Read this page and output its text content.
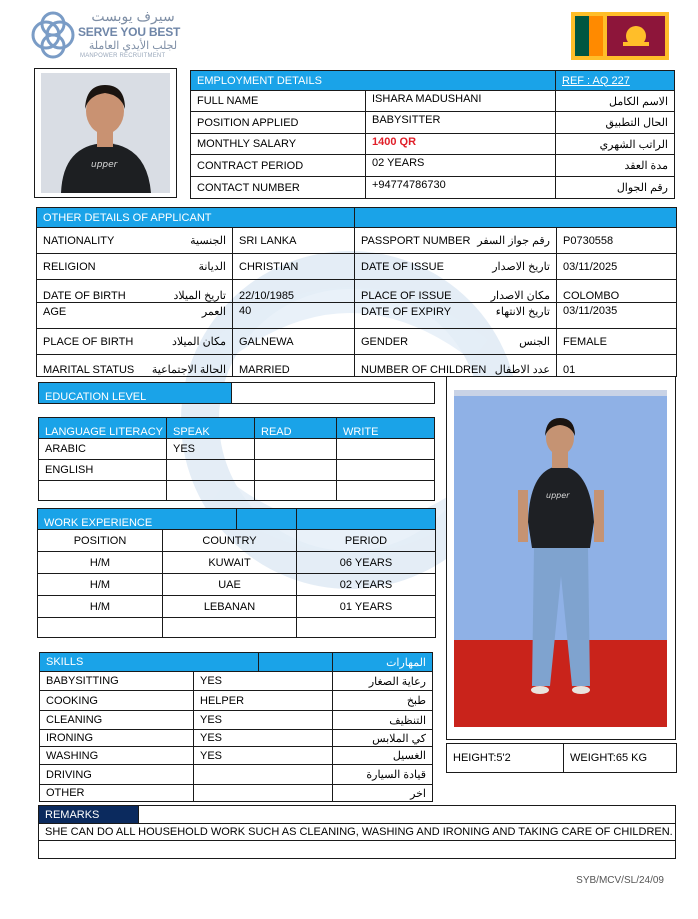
سيرف يوبست
SERVE YOU BEST
لجلب الأيدي العاملة
MANPOWER RECRUITMENT
upper
EMPLOYMENT DETAILS		REF : AQ 227
FULL NAME	ISHARA MADUSHANI	الاسم الكامل
POSITION APPLIED	BABYSITTER	الحال التطبيق
MONTHLY SALARY	1400 QR	الراتب الشهري
CONTRACT PERIOD	02 YEARS	مدة العقد
CONTACT NUMBER	+94774786730	رقم الجوال
OTHER DETAILS OF APPLICANT			

NATIONALITY الجنسية	SRI LANKA	PASSPORT NUMBER رقم جواز السفر	P0730558

RELIGION الديانة	CHRISTIAN	DATE OF ISSUE تاريخ الاصدار	03/11/2025

DATE OF BIRTH تاريخ الميلاد	22/10/1985	PLACE OF ISSUE مكان الاصدار	COLOMBO

AGE العمر	40	DATE OF EXPIRY تاريخ الانتهاء	03/11/2035

PLACE OF BIRTH مكان الميلاد	GALNEWA	GENDER الجنس	FEMALE

MARITAL STATUS الحالة الاجتماعية	MARRIED	NUMBER OF CHILDREN عدد الاطفال	01
EDUCATION LEVEL	
LANGUAGE LITERACY	SPEAK	READ	WRITE
ARABIC	YES		
ENGLISH			

WORK EXPERIENCE	

POSITION	COUNTRY	PERIOD
H/M	KUWAIT	06 YEARS
H/M	UAE	02 YEARS
H/M	LEBANAN	01 YEARS

SKILLS		المهارات
BABYSITTING	YES	رعاية الصغار
COOKING	HELPER	طبخ
CLEANING	YES	التنظيف
IRONING	YES	كي الملابس
WASHING	YES	الغسيل
DRIVING		قيادة السيارة
OTHER		اخر
upper
HEIGHT:5'2	WEIGHT:65 KG
REMARKS	
SHE CAN DO ALL HOUSEHOLD WORK SUCH AS CLEANING, WASHING AND IRONING AND TAKING CARE OF CHILDREN.

SYB/MCV/SL/24/09
